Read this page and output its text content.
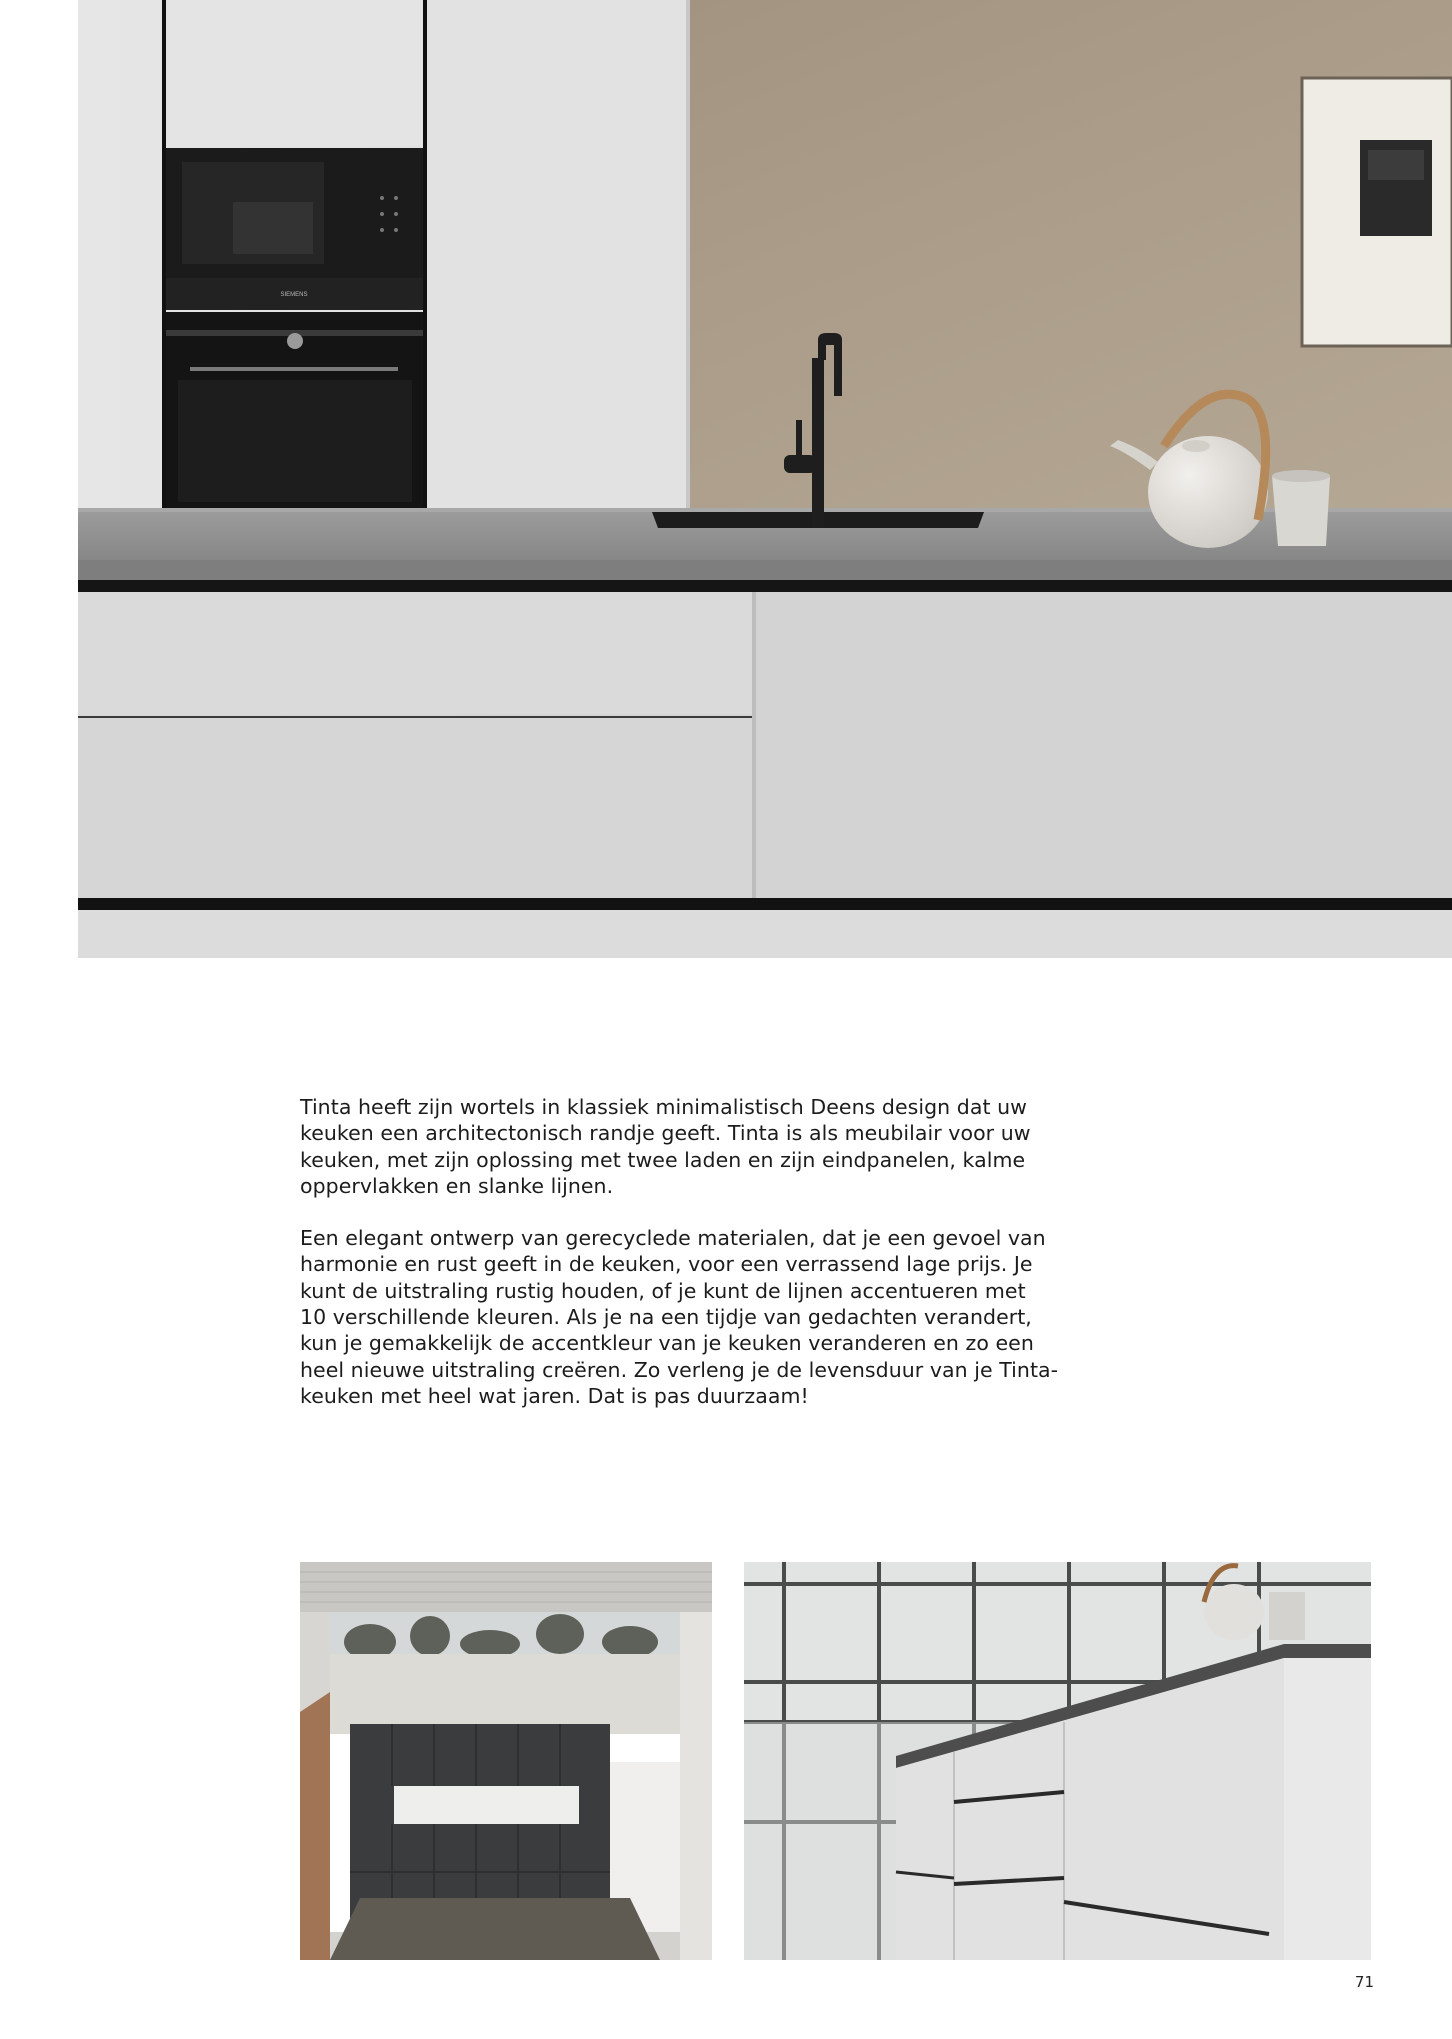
SIEMENS

Tinta heeft zijn wortels in klassiek minimalistisch Deens design dat uw
keuken een architectonisch randje geeft. Tinta is als meubilair voor uw
keuken, met zijn oplossing met twee laden en zijn eindpanelen, kalme
oppervlakken en slanke lijnen.

Een elegant ontwerp van gerecyclede materialen, dat je een gevoel van
harmonie en rust geeft in de keuken, voor een verrassend lage prijs. Je
kunt de uitstraling rustig houden, of je kunt de lijnen accentueren met
10 verschillende kleuren. Als je na een tijdje van gedachten verandert,
kun je gemakkelijk de accentkleur van je keuken veranderen en zo een
heel nieuwe uitstraling creëren. Zo verleng je de levensduur van je Tinta-
keuken met heel wat jaren. Dat is pas duurzaam!

71
